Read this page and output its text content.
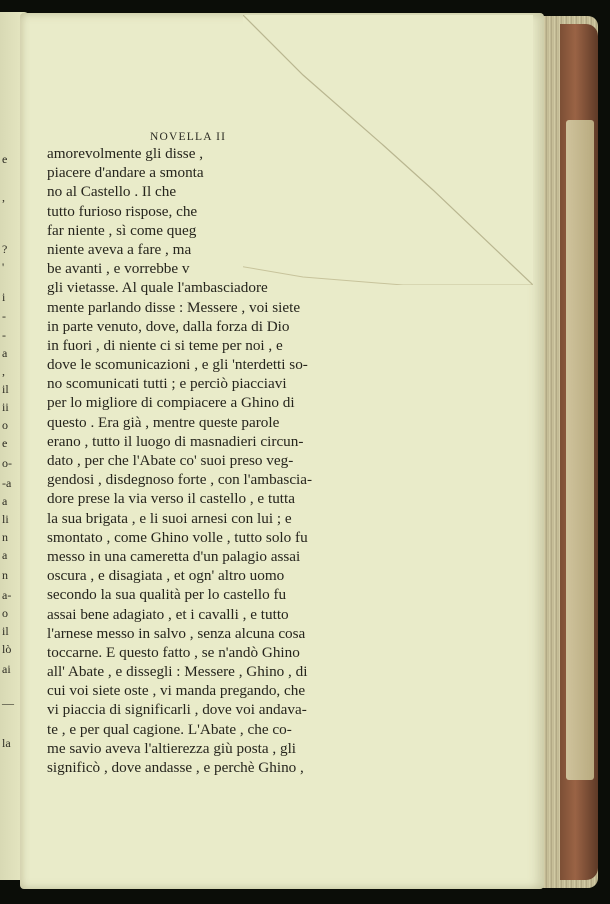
e
,
?
'
i
-
-
a
,
il
ii
o
e
o-
-a
a
li
n
a
n
a-
o
il
lò
ai
—
la
NOVELLA II
amorevolmente gli disse ,
piacere d'andare a smonta
no al Castello . Il che
tutto furioso rispose, che
far niente , sì come queg
niente aveva a fare , ma
be avanti , e vorrebbe v
gli vietasse. Al quale l'ambasciadore
mente parlando disse : Messere , voi siete
in parte venuto, dove, dalla forza di Dio
in fuori , di niente ci si teme per noi , e
dove le scomunicazioni , e gli 'nterdetti so-
no scomunicati tutti ; e perciò piacciavi
per lo migliore di compiacere a Ghino di
questo . Era già , mentre queste parole
erano , tutto il luogo di masnadieri circun-
dato , per che l'Abate co' suoi preso veg-
gendosi , disdegnoso forte , con l'ambascia-
dore prese la via verso il castello , e tutta
la sua brigata , e li suoi arnesi con lui ; e
smontato , come Ghino volle , tutto solo fu
messo in una cameretta d'un palagio assai
oscura , e disagiata , et ogn' altro uomo
secondo la sua qualità per lo castello fu
assai bene adagiato , et i cavalli , e tutto
l'arnese messo in salvo , senza alcuna cosa
toccarne. E questo fatto , se n'andò Ghino
all' Abate , e dissegli : Messere , Ghino , di
cui voi siete oste , vi manda pregando, che
vi piaccia di significarli , dove voi andava-
te , e per qual cagione. L'Abate , che co-
me savio aveva l'altierezza giù posta , gli
significò , dove andasse , e perchè Ghino ,
